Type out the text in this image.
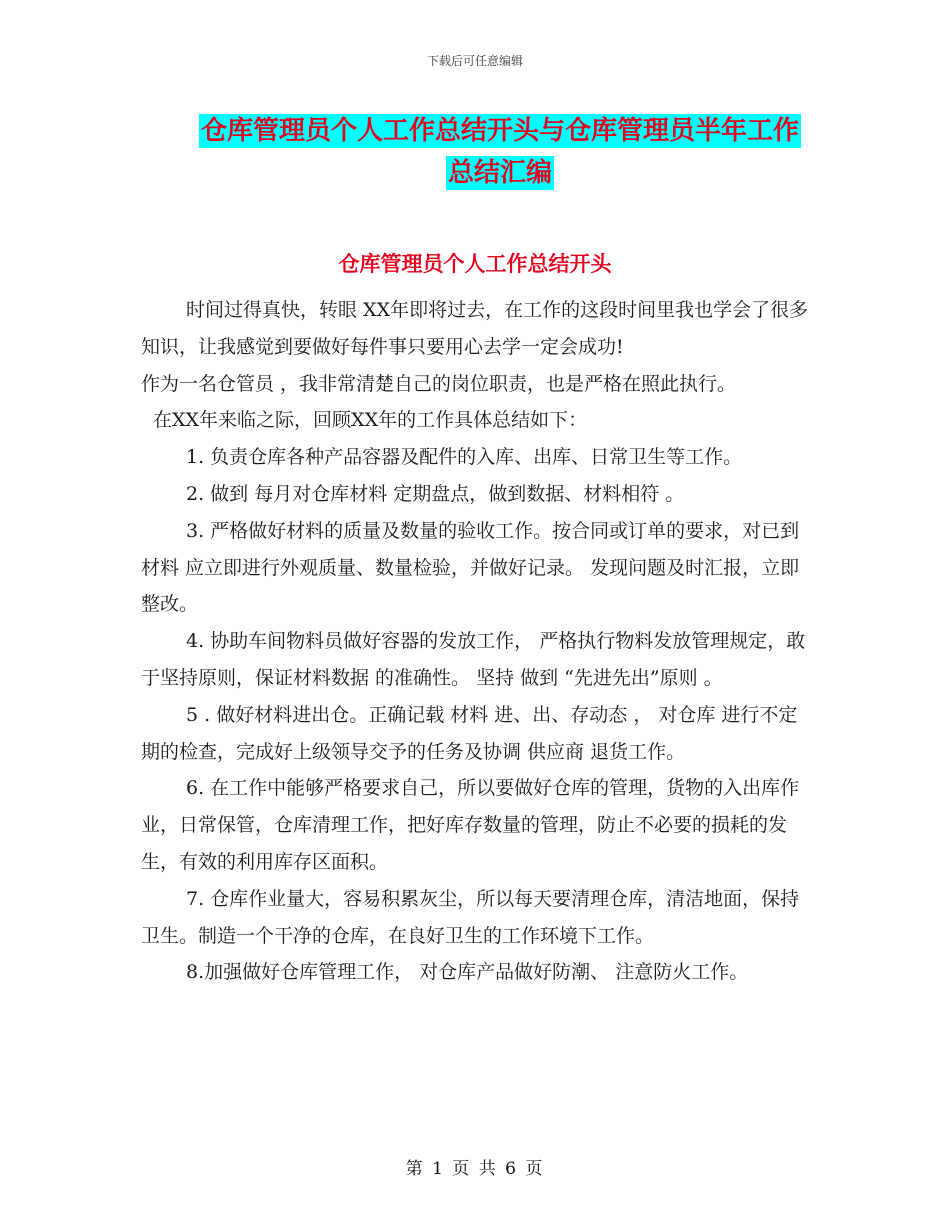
下载后可任意编辑
仓库管理员个人工作总结开头与仓库管理员半年工作
总结汇编
仓库管理员个人工作总结开头

时间过得真快，转眼 XX年即将过去，在工作的这段时间里我也学会了很多知识，让我感觉到要做好每件事只要用心去学一定会成功!

作为一名仓管员 ，我非常清楚自己的岗位职责，也是严格在照此执行。

在XX年来临之际，回顾XX年的工作具体总结如下：

1. 负责仓库各种产品容器及配件的入库、出库、日常卫生等工作。

2. 做到 每月对仓库材料 定期盘点，做到数据、材料相符 。

3. 严格做好材料的质量及数量的验收工作。按合同或订单的要求，对已到材料 应立即进行外观质量、数量检验，并做好记录。 发现问题及时汇报，立即整改。

4. 协助车间物料员做好容器的发放工作， 严格执行物料发放管理规定，敢于坚持原则，保证材料数据 的准确性。 坚持 做到 “先进先出”原则 。

5 . 做好材料进出仓。正确记载 材料 进、出、存动态 ， 对仓库 进行不定期的检查，完成好上级领导交予的任务及协调 供应商 退货工作。

6. 在工作中能够严格要求自己，所以要做好仓库的管理，货物的入出库作业，日常保管，仓库清理工作，把好库存数量的管理，防止不必要的损耗的发生，有效的利用库存区面积。

7. 仓库作业量大，容易积累灰尘，所以每天要清理仓库，清洁地面，保持卫生。制造一个干净的仓库，在良好卫生的工作环境下工作。

8.加强做好仓库管理工作， 对仓库产品做好防潮、 注意防火工作。

第 1 页 共 6 页
